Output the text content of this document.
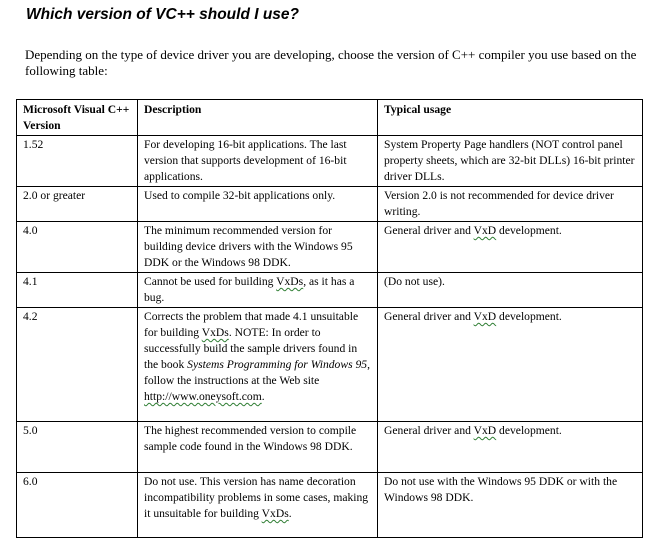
Which version of VC++ should I use?

Depending on the type of device driver you are developing, choose the version of C++ compiler you use based on the following table:

Microsoft Visual C++ Version	Description	Typical usage
1.52	For developing 16-bit applications. The last version that supports development of 16-bit applications.	System Property Page handlers (NOT control panel property sheets, which are 32-bit DLLs) 16-bit printer driver DLLs.
2.0 or greater	Used to compile 32-bit applications only.	Version 2.0 is not recommended for device driver writing.
4.0	The minimum recommended version for building device drivers with the Windows 95 DDK or the Windows 98 DDK.	General driver and VxD development.
4.1	Cannot be used for building VxDs, as it has a bug.	(Do not use).
4.2	Corrects the problem that made 4.1 unsuitable for building VxDs. NOTE: In order to successfully build the sample drivers found in the book Systems Programming for Windows 95, follow the instructions at the Web site http://www.oneysoft.com.	General driver and VxD development.
5.0	The highest recommended version to compile sample code found in the Windows 98 DDK.	General driver and VxD development.
6.0	Do not use. This version has name decoration incompatibility problems in some cases, making it unsuitable for building VxDs.	Do not use with the Windows 95 DDK or with the Windows 98 DDK.
